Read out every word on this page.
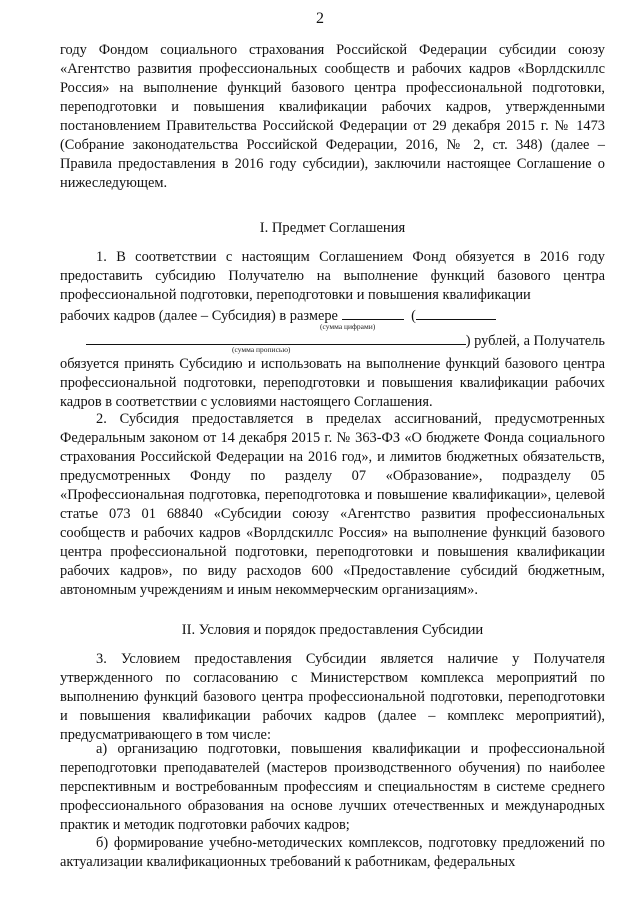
2
году Фондом социального страхования Российской Федерации субсидии союзу «Агентство развития профессиональных сообществ и рабочих кадров «Ворлдскиллс Россия» на выполнение функций базового центра профессиональной подготовки, переподготовки и повышения квалификации рабочих кадров, утвержденными постановлением Правительства Российской Федерации от 29 декабря 2015 г. № 1473 (Собрание законодательства Российской Федерации, 2016, № 2, ст. 348) (далее – Правила предоставления в 2016 году субсидии), заключили настоящее Соглашение о нижеследующем.
I. Предмет Соглашения
1. В соответствии с настоящим Соглашением Фонд обязуется в 2016 году предоставить субсидию Получателю на выполнение функций базового центра профессиональной подготовки, переподготовки и повышения квалификации
рабочих кадров (далее – Субсидия) в размере	(
(сумма цифрами)
) рублей, а Получатель
(сумма прописью)
обязуется принять Субсидию и использовать на выполнение функций базового центра профессиональной подготовки, переподготовки и повышения квалификации рабочих кадров в соответствии с условиями настоящего Соглашения.
2. Субсидия предоставляется в пределах ассигнований, предусмотренных Федеральным законом от 14 декабря 2015 г. № 363-ФЗ «О бюджете Фонда социального страхования Российской Федерации на 2016 год», и лимитов бюджетных обязательств, предусмотренных Фонду по разделу 07 «Образование», подразделу 05 «Профессиональная подготовка, переподготовка и повышение квалификации», целевой статье 073 01 68840 «Субсидии союзу «Агентство развития профессиональных сообществ и рабочих кадров «Ворлдскиллс Россия» на выполнение функций базового центра профессиональной подготовки, переподготовки и повышения квалификации рабочих кадров», по виду расходов 600 «Предоставление субсидий бюджетным, автономным учреждениям и иным некоммерческим организациям».
II. Условия и порядок предоставления Субсидии
3. Условием предоставления Субсидии является наличие у Получателя утвержденного по согласованию с Министерством комплекса мероприятий по выполнению функций базового центра профессиональной подготовки, переподготовки и повышения квалификации рабочих кадров (далее – комплекс мероприятий), предусматривающего в том числе:
а) организацию подготовки, повышения квалификации и профессиональной переподготовки преподавателей (мастеров производственного обучения) по наиболее перспективным и востребованным профессиям и специальностям в системе среднего профессионального образования на основе лучших отечественных и международных практик и методик подготовки рабочих кадров;
б) формирование учебно-методических комплексов, подготовку предложений по актуализации квалификационных требований к работникам, федеральных
